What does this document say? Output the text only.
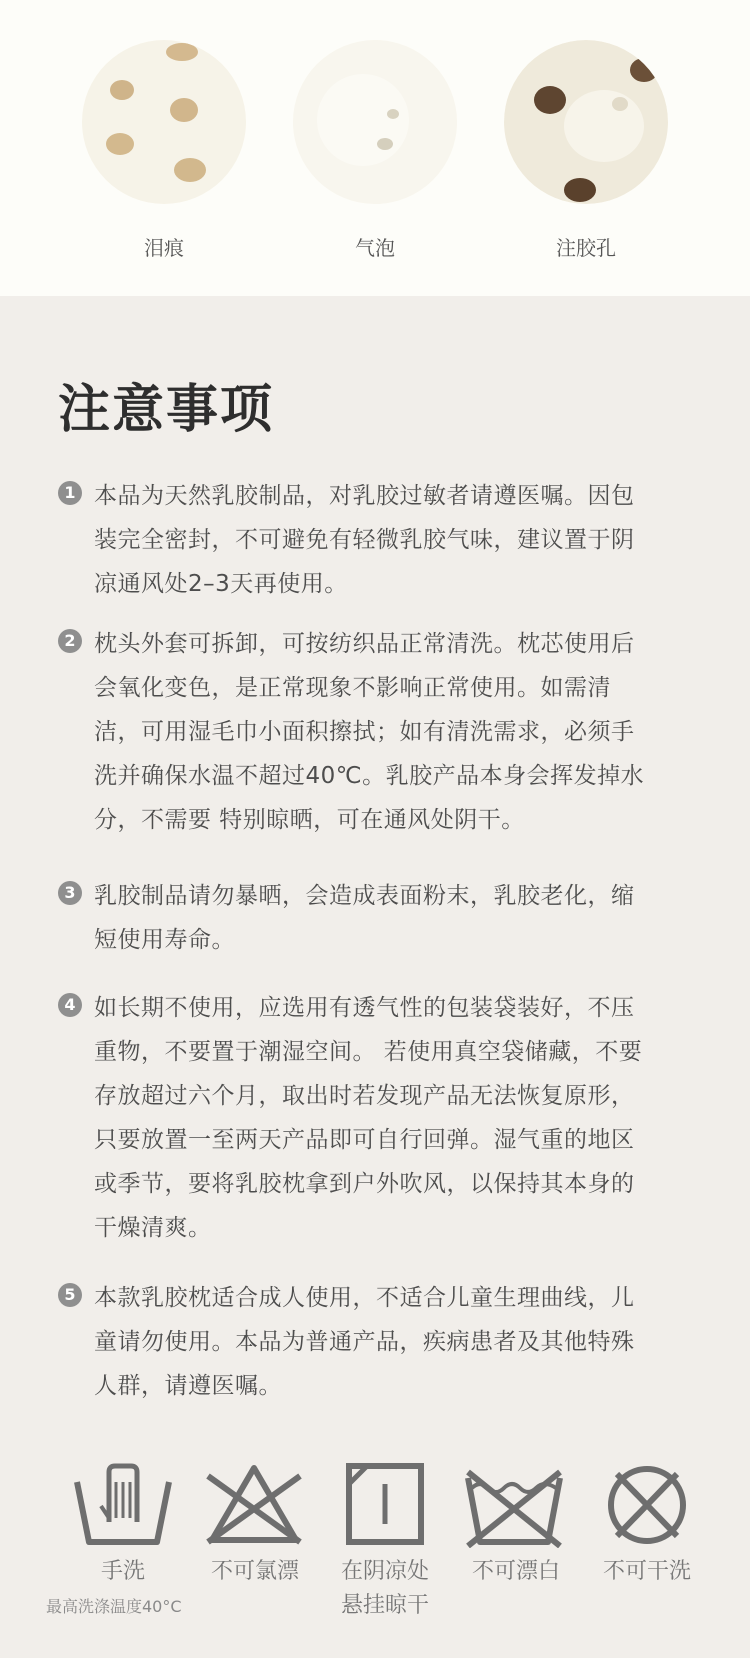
泪痕	气泡	注胶孔
注意事项
1 本品为天然乳胶制品，对乳胶过敏者请遵医嘱。因包
装完全密封，不可避免有轻微乳胶气味，建议置于阴
凉通风处2–3天再使用。
2 枕头外套可拆卸，可按纺织品正常清洗。枕芯使用后
会氧化变色，是正常现象不影响正常使用。如需清
洁，可用湿毛巾小面积擦拭；如有清洗需求，必须手
洗并确保水温不超过40℃。乳胶产品本身会挥发掉水
分，不需要 特别晾晒，可在通风处阴干。
3 乳胶制品请勿暴晒，会造成表面粉末，乳胶老化，缩
短使用寿命。
4 如长期不使用，应选用有透气性的包装袋装好，不压
重物，不要置于潮湿空间。 若使用真空袋储藏，不要
存放超过六个月，取出时若发现产品无法恢复原形，
只要放置一至两天产品即可自行回弹。湿气重的地区
或季节，要将乳胶枕拿到户外吹风，以保持其本身的
干燥清爽。
5 本款乳胶枕适合成人使用，不适合儿童生理曲线，儿
童请勿使用。本品为普通产品，疾病患者及其他特殊
人群，请遵医嘱。
手洗
最高洗涤温度40°C
不可氯漂	在阴凉处
悬挂晾干
不可漂白	不可干洗
